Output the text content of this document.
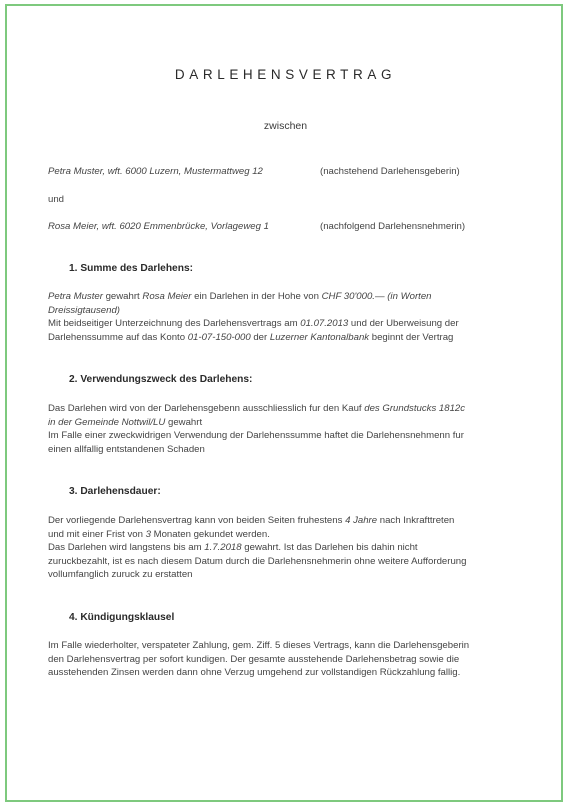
DARLEHENSVERTRAG
zwischen
Petra Muster, wft. 6000 Luzern, Mustermattweg 12	(nachstehend Darlehensgeberin)
und
Rosa Meier, wft. 6020 Emmenbrücke, Vorlageweg 1	(nachfolgend Darlehensnehmerin)
1. Summe des Darlehens:
Petra Muster gewahrt Rosa Meier ein Darlehen in der Hohe von CHF 30'000.— (in Worten
Dreissigtausend)
Mit beidseitiger Unterzeichnung des Darlehensvertrags am 01.07.2013 und der Uberweisung der
Darlehenssumme auf das Konto 01-07-150-000 der Luzerner Kantonalbank beginnt der Vertrag
2. Verwendungszweck des Darlehens:
Das Darlehen wird von der Darlehensgebenn ausschliesslich fur den Kauf des Grundstucks 1812c
in der Gemeinde Nottwil/LU gewahrt
Im Falle einer zweckwidrigen Verwendung der Darlehenssumme haftet die Darlehensnehmenn fur
einen allfallig entstandenen Schaden
3. Darlehensdauer:
Der vorliegende Darlehensvertrag kann von beiden Seiten fruhestens 4 Jahre nach Inkrafttreten
und mit einer Frist von 3 Monaten gekundet werden.
Das Darlehen wird langstens bis am 1.7.2018 gewahrt. Ist das Darlehen bis dahin nicht
zuruckbezahlt, ist es nach diesem Datum durch die Darlehensnehmerin ohne weitere Aufforderung
vollumfanglich zuruck zu erstatten
4. Kündigungsklausel
Im Falle wiederholter, verspateter Zahlung, gem. Ziff. 5 dieses Vertrags, kann die Darlehensgeberin
den Darlehensvertrag per sofort kundigen. Der gesamte ausstehende Darlehensbetrag sowie die
ausstehenden Zinsen werden dann ohne Verzug umgehend zur vollstandigen Rückzahlung fallig.
